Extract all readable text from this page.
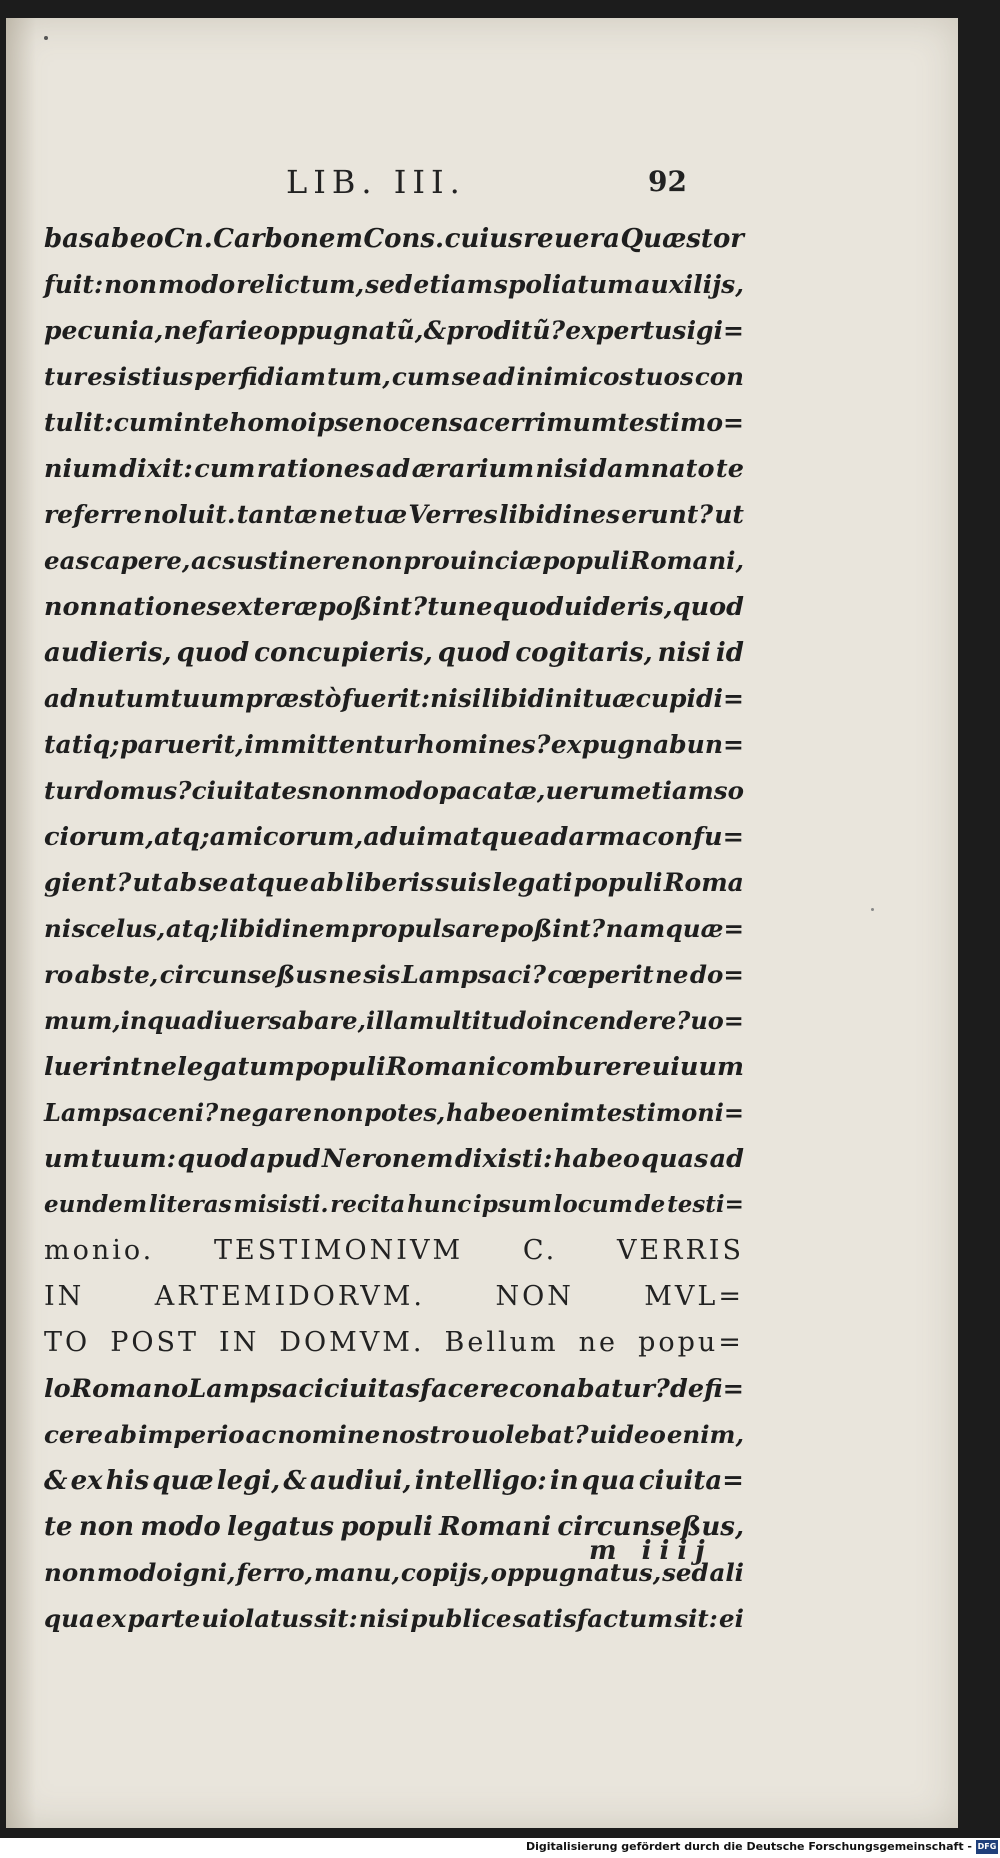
LIB. III.	92
bas ab eo Cn. Carbonem Cons. cuius re uera Quæstor
fuit: non modo relictum, sed etiam spoliatum auxilijs,
pecunia, nefarie oppugnatũ, & proditũ? expertus igi=
tur es istius perfidiam tum, cum se ad inimicos tuos con
tulit: cum in te homo ipse nocens acerrimum testimo=
nium dixit: cum rationes ad ærarium nisi damnato te
referre noluit. tantæ ne tuæ Verres libidines erunt? ut
eas capere, ac sustinere non prouinciæ populi Romani,
non nationes exteræ poßint? tu ne quod uideris, quod
audieris, quod concupieris, quod cogitaris, nisi id
ad nutum tuum præstò fuerit: nisi libidini tuæ cupidi=
tatiq; paruerit, immittentur homines? expugnabun=
tur domus? ciuitates non modo pacatæ, uerumetiam so
ciorum, atq; amicorum, ad uim atque ad arma confu=
gient? ut ab se atque ab liberis suis legati populi Roma
ni scelus, atq; libidinem propulsare poßint? nam quæ=
ro abs te, circunseßus ne sis Lampsaci? cœperit ne do=
mum, in qua diuersabare, illa multitudo incendere? uo=
luerint ne legatum populi Romani comburere uiuum
Lampsaceni? negare non potes, habeo enim testimoni=
um tuum: quod apud Neronem dixisti: habeo quas ad
eundem literas misisti. recita hunc ipsum locum de testi=
monio. TESTIMONIVM C. VERRIS
IN	ARTEMIDORVM.	NON	MVL=
TO POST IN DOMVM. Bellum ne popu=
lo Romano Lampsaci ciuitas facere conabatur? defi=
cere ab imperio ac nomine nostro uolebat? uideo enim,
& ex his quæ legi, & audiui, intelligo: in qua ciuita=
te non modo legatus populi Romani circunseßus,
non modo igni, ferro, manu, copijs, oppugnatus, sed ali
qua ex parte uiolatus sit: nisi publice satisfactum sit: ei
m iiij
Digitalisierung gefördert durch die Deutsche Forschungsgemeinschaft - DFG
